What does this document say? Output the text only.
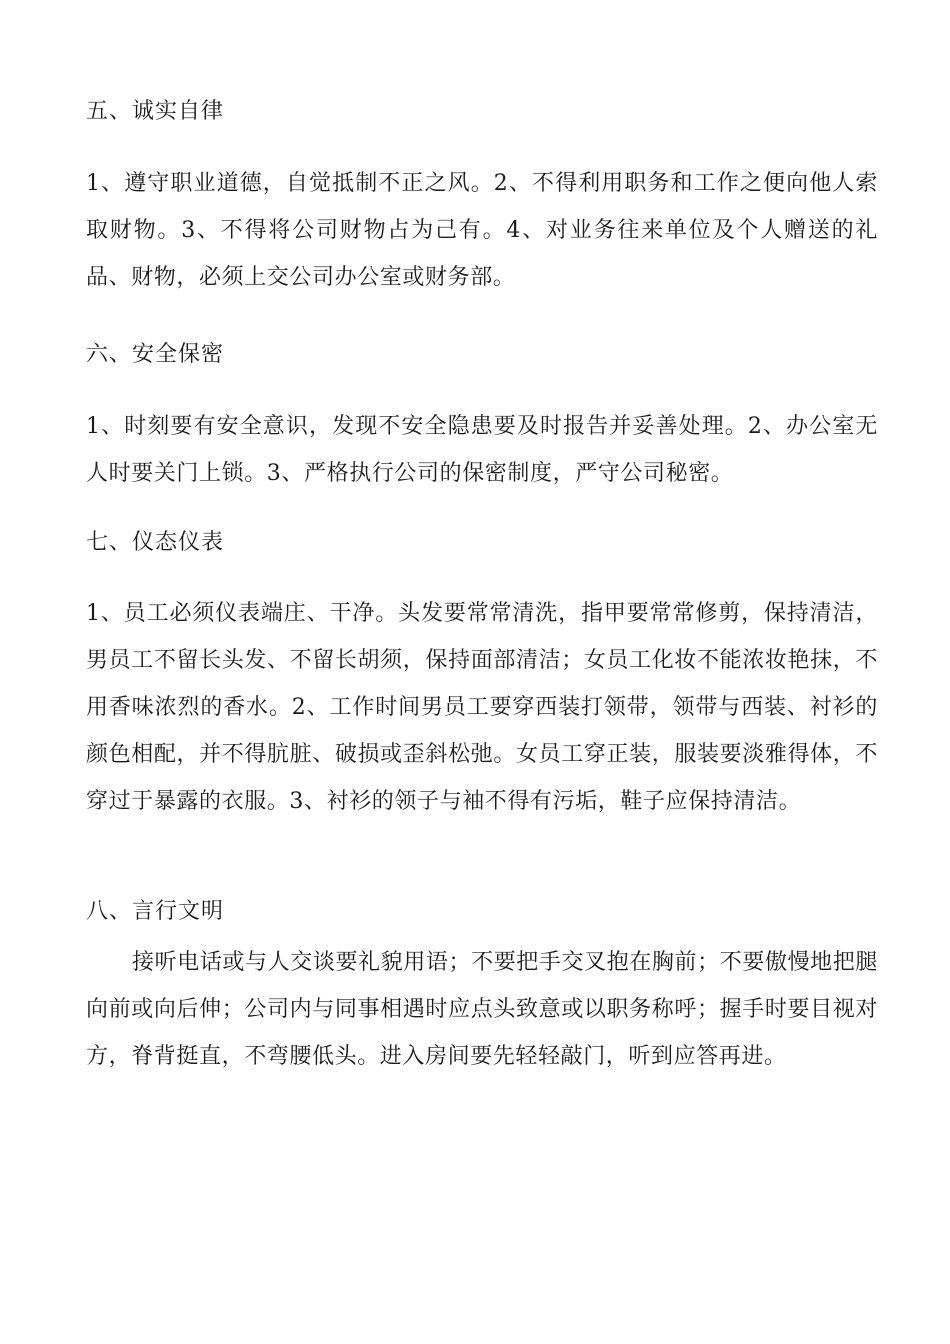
五、诚实自律
1、遵守职业道德，自觉抵制不正之风。2、不得利用职务和工作之便向他人索取财物。3、不得将公司财物占为己有。4、对业务往来单位及个人赠送的礼品、财物，必须上交公司办公室或财务部。
六、安全保密
1、时刻要有安全意识，发现不安全隐患要及时报告并妥善处理。2、办公室无人时要关门上锁。3、严格执行公司的保密制度，严守公司秘密。
七、仪态仪表
1、员工必须仪表端庄、干净。头发要常常清洗，指甲要常常修剪，保持清洁，男员工不留长头发、不留长胡须，保持面部清洁；女员工化妆不能浓妆艳抹，不用香味浓烈的香水。2、工作时间男员工要穿西装打领带，领带与西装、衬衫的颜色相配，并不得肮脏、破损或歪斜松弛。女员工穿正装，服装要淡雅得体，不穿过于暴露的衣服。3、衬衫的领子与袖不得有污垢，鞋子应保持清洁。
八、言行文明
接听电话或与人交谈要礼貌用语；不要把手交叉抱在胸前；不要傲慢地把腿向前或向后伸；公司内与同事相遇时应点头致意或以职务称呼；握手时要目视对方，脊背挺直，不弯腰低头。进入房间要先轻轻敲门，听到应答再进。
